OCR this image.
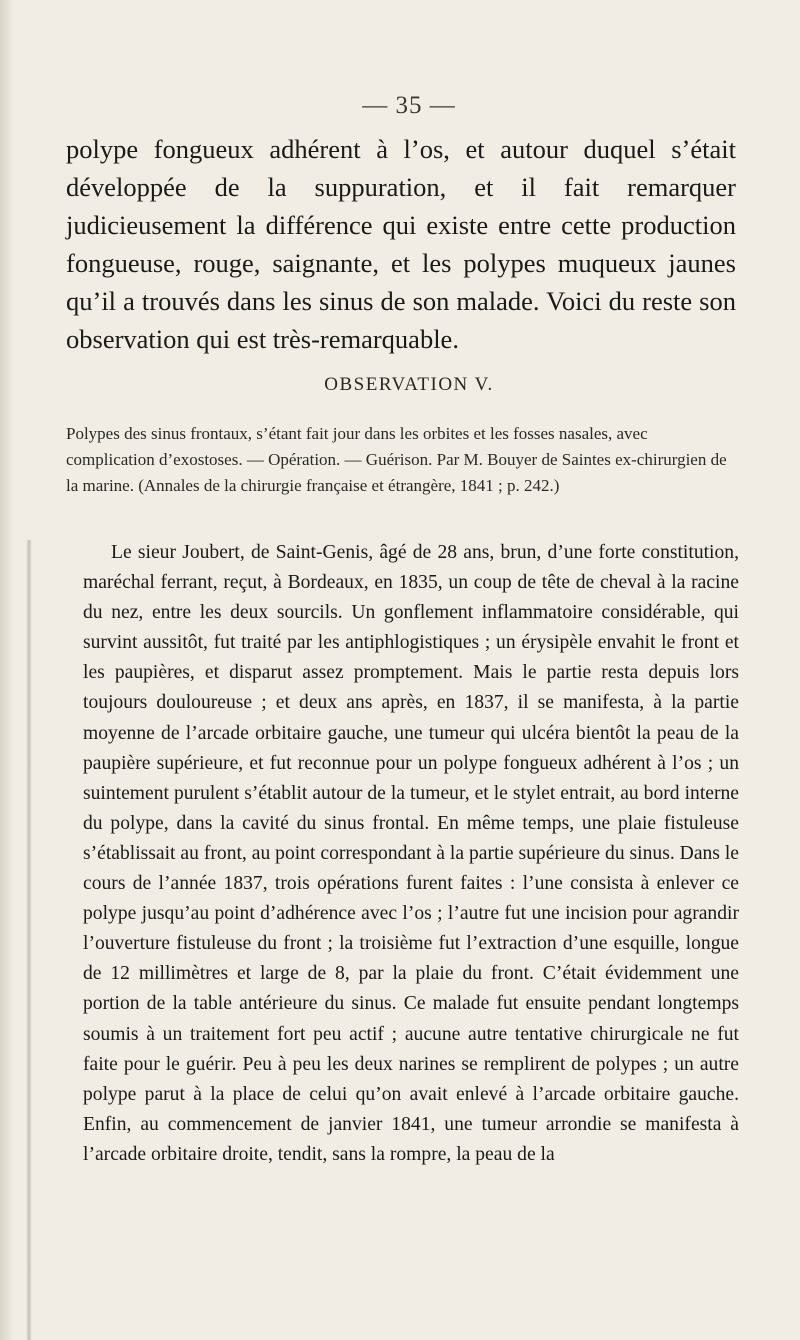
— 35 —
polype fongueux adhérent à l’os, et autour duquel s’était développée de la suppuration, et il fait remarquer judicieusement la différence qui existe entre cette production fongueuse, rouge, saignante, et les polypes muqueux jaunes qu’il a trouvés dans les sinus de son malade. Voici du reste son observation qui est très-remarquable.
OBSERVATION V.

Polypes des sinus frontaux, s’étant fait jour dans les orbites et les fosses nasales, avec complication d’exostoses. — Opération. — Guérison. Par M. Bouyer de Saintes ex-chirurgien de la marine. (Annales de la chirurgie française et étrangère, 1841 ; p. 242.)

Le sieur Joubert, de Saint-Genis, âgé de 28 ans, brun, d’une forte constitution, maréchal ferrant, reçut, à Bordeaux, en 1835, un coup de tête de cheval à la racine du nez, entre les deux sourcils. Un gonflement inflammatoire considérable, qui survint aussitôt, fut traité par les antiphlogistiques ; un érysipèle envahit le front et les paupières, et disparut assez promptement. Mais le partie resta depuis lors toujours douloureuse ; et deux ans après, en 1837, il se manifesta, à la partie moyenne de l’arcade orbitaire gauche, une tumeur qui ulcéra bientôt la peau de la paupière supérieure, et fut reconnue pour un polype fongueux adhérent à l’os ; un suintement purulent s’établit autour de la tumeur, et le stylet entrait, au bord interne du polype, dans la cavité du sinus frontal. En même temps, une plaie fistuleuse s’établissait au front, au point correspondant à la partie supérieure du sinus. Dans le cours de l’année 1837, trois opérations furent faites : l’une consista à enlever ce polype jusqu’au point d’adhérence avec l’os ; l’autre fut une incision pour agrandir l’ouverture fistuleuse du front ; la troisième fut l’extraction d’une esquille, longue de 12 millimètres et large de 8, par la plaie du front. C’était évidemment une portion de la table antérieure du sinus. Ce malade fut ensuite pendant longtemps soumis à un traitement fort peu actif ; aucune autre tentative chirurgicale ne fut faite pour le guérir. Peu à peu les deux narines se remplirent de polypes ; un autre polype parut à la place de celui qu’on avait enlevé à l’arcade orbitaire gauche. Enfin, au commencement de janvier 1841, une tumeur arrondie se manifesta à l’arcade orbitaire droite, tendit, sans la rompre, la peau de la
